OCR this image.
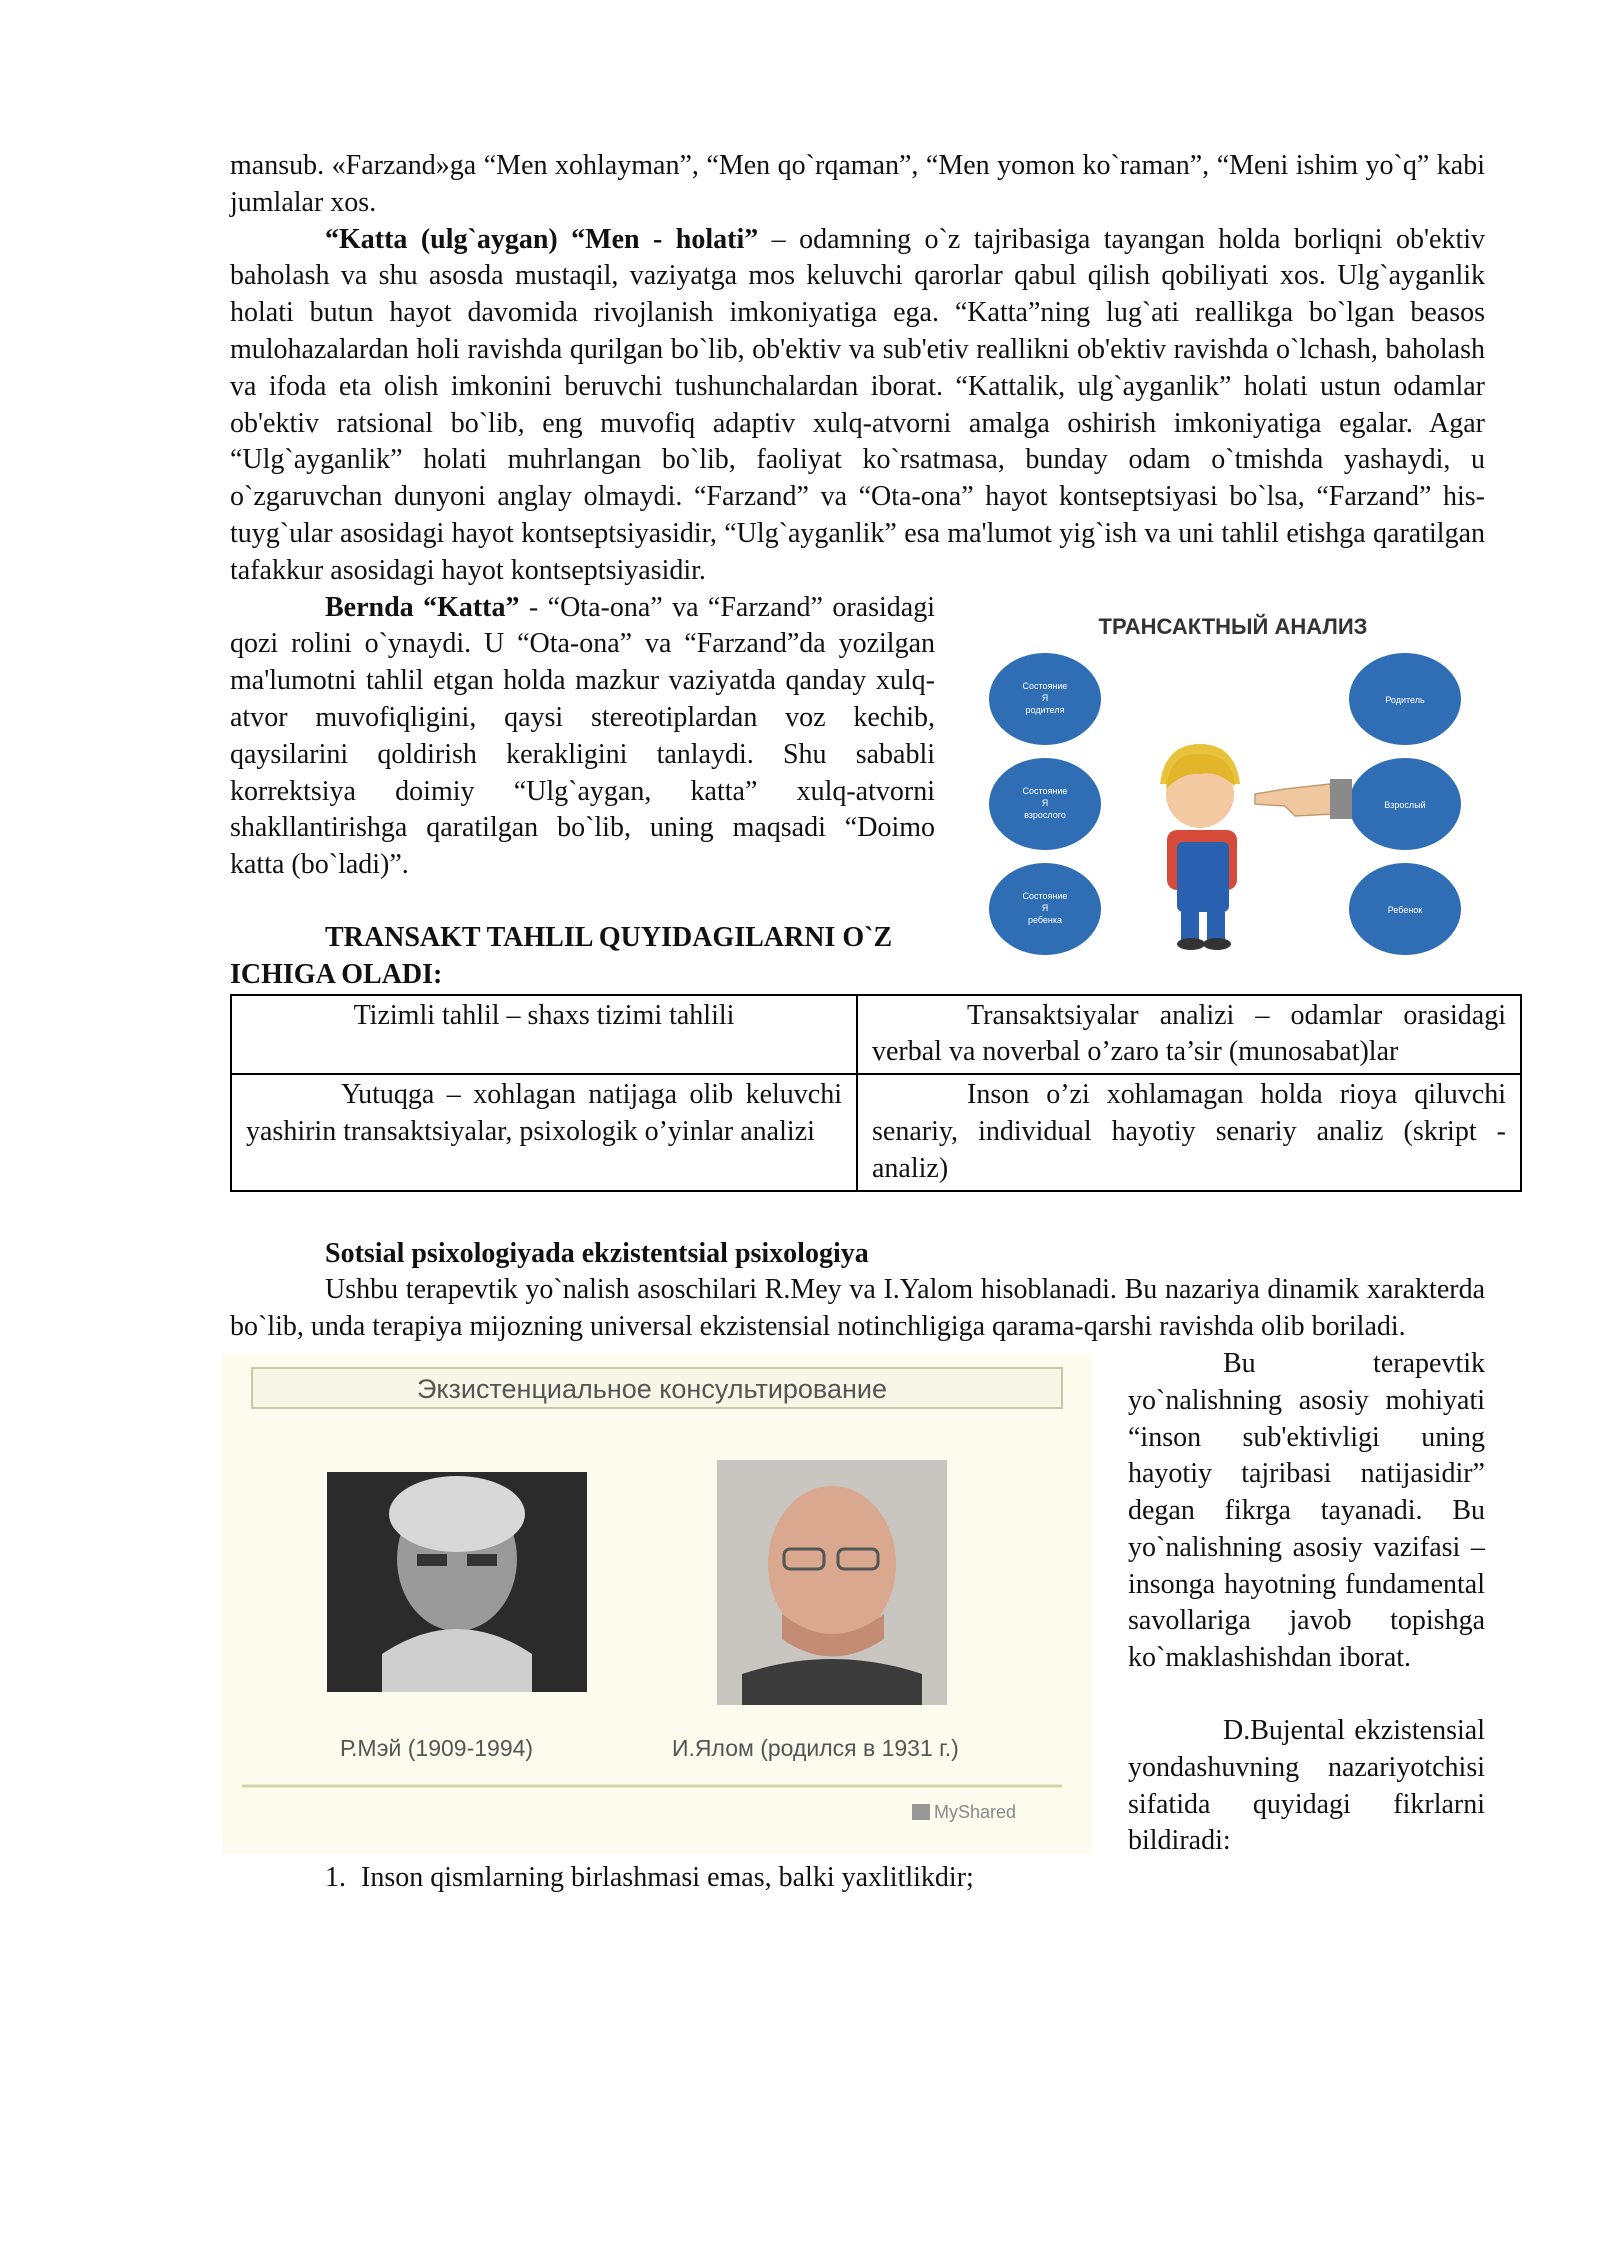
mansub. «Farzand»ga “Men xohlayman”, “Men qo`rqaman”, “Men yomon ko`raman”, “Meni ishim yo`q” kabi jumlalar xos.

“Katta (ulg`aygan) “Men - holati” – odamning o`z tajribasiga tayangan holda borliqni ob'ektiv baholash va shu asosda mustaqil, vaziyatga mos keluvchi qarorlar qabul qilish qobiliyati xos. Ulg`ayganlik holati butun hayot davomida rivojlanish imkoniyatiga ega. “Katta”ning lug`ati reallikga bo`lgan beasos mulohazalardan holi ravishda qurilgan bo`lib, ob'ektiv va sub'etiv reallikni ob'ektiv ravishda o`lchash, baholash va ifoda eta olish imkonini beruvchi tushunchalardan iborat. “Kattalik, ulg`ayganlik” holati ustun odamlar ob'ektiv ratsional bo`lib, eng muvofiq adaptiv xulq-atvorni amalga oshirish imkoniyatiga egalar. Agar “Ulg`ayganlik” holati muhrlangan bo`lib, faoliyat ko`rsatmasa, bunday odam o`tmishda yashaydi, u o`zgaruvchan dunyoni anglay olmaydi. “Farzand” va “Ota-ona” hayot kontseptsiyasi bo`lsa, “Farzand” his-tuyg`ular asosidagi hayot kontseptsiyasidir, “Ulg`ayganlik” esa ma'lumot yig`ish va uni tahlil etishga qaratilgan tafakkur asosidagi hayot kontseptsiyasidir.

ТРАНСАКТНЫЙ АНАЛИЗ
Состояние
Я
родителя
Состояние
Я
взрослого
Состояние
Я
ребенка
Родитель
Взрослый
Ребенок

Bernda “Katta” - “Ota-ona” va “Farzand” orasidagi qozi rolini o`ynaydi. U “Ota-ona” va “Farzand”da yozilgan ma'lumotni tahlil etgan holda mazkur vaziyatda qanday xulq-atvor muvofiqligini, qaysi stereotiplardan voz kechib, qaysilarini qoldirish kerakligini tanlaydi. Shu sababli korrektsiya doimiy “Ulg`aygan, katta” xulq-atvorni shakllantirishga qaratilgan bo`lib, uning maqsadi “Doimo katta (bo`ladi)”.

TRANSAKT TAHLIL QUYIDAGILARNI O`Z ICHIGA OLADI:

Tizimli tahlil – shaxs tizimi tahlili	Transaktsiyalar analizi – odamlar orasidagi verbal va noverbal o’zaro ta’sir (munosabat)lar
Yutuqga – xohlagan natijaga olib keluvchi yashirin transaktsiyalar, psixologik o’yinlar analizi	Inson o’zi xohlamagan holda rioya qiluvchi senariy, individual hayotiy senariy analiz (skript - analiz)

Sotsial psixologiyada ekzistentsial psixologiya

Ushbu terapevtik yo`nalish asoschilari R.Mey va I.Yalom hisoblanadi. Bu nazariya dinamik xarakterda bo`lib, unda terapiya mijozning universal ekzistensial notinchligiga qarama-qarshi ravishda olib boriladi.

Экзистенциальное консультирование
Р.Мэй (1909-1994)	И.Ялом (родился в 1931 г.)
MyShared

Bu terapevtik yo`nalishning asosiy mohiyati “inson sub'ektivligi uning hayotiy tajribasi natijasidir” degan fikrga tayanadi. Bu yo`nalishning asosiy vazifasi – insonga hayotning fundamental savollariga javob topishga ko`maklashishdan iborat.

D.Bujental ekzistensial yondashuvning nazariyotchisi sifatida quyidagi fikrlarni bildiradi:

1. Inson qismlarning birlashmasi emas, balki yaxlitlikdir;
